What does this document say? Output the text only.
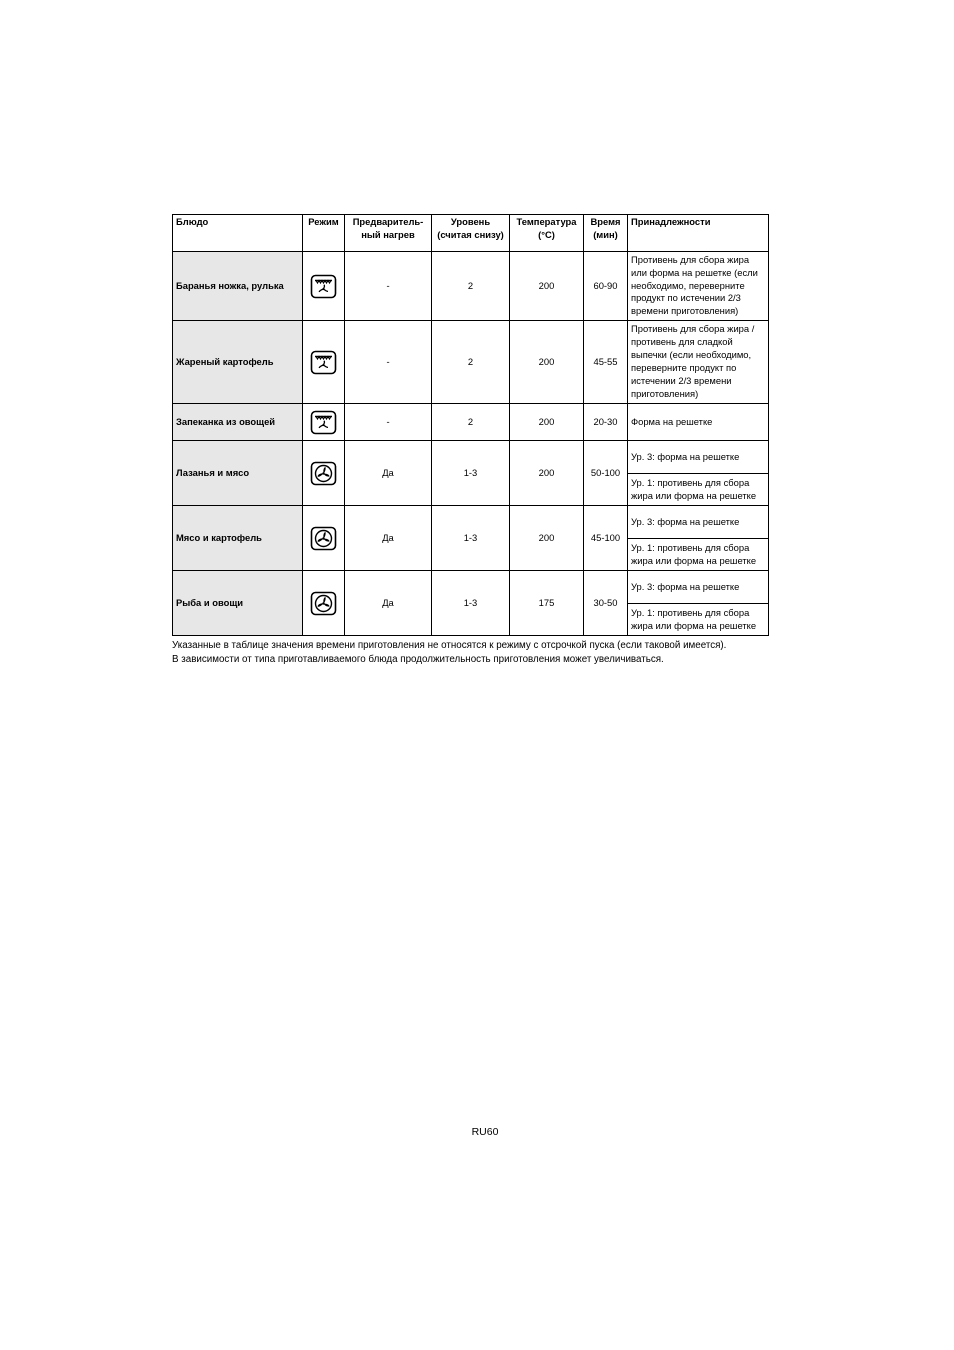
Блюдо	Режим	Предваритель-ный нагрев	Уровень (считая снизу)	Температура (°C)	Время (мин)	Принадлежности
Баранья ножка, рулька		-	2	200	60-90	Противень для сбора жира или форма на решетке (если необходимо, переверните продукт по истечении 2/3 времени приготовления)
Жареный картофель		-	2	200	45-55	Противень для сбора жира / противень для сладкой выпечки (если необходимо, переверните продукт по истечении 2/3 времени приготовления)
Запеканка из овощей		-	2	200	20-30	Форма на решетке
Лазанья и мясо		Да	1-3	200	50-100	Ур. 3: форма на решетке
						Ур. 1: противень для сбора жира или форма на решетке
Мясо и картофель		Да	1-3	200	45-100	Ур. 3: форма на решетке
						Ур. 1: противень для сбора жира или форма на решетке
Рыба и овощи		Да	1-3	175	30-50	Ур. 3: форма на решетке
						Ур. 1: противень для сбора жира или форма на решетке

Указанные в таблице значения времени приготовления не относятся к режиму с отсрочкой пуска (если таковой имеется).

В зависимости от типа приготавливаемого блюда продолжительность приготовления может увеличиваться.

RU60
